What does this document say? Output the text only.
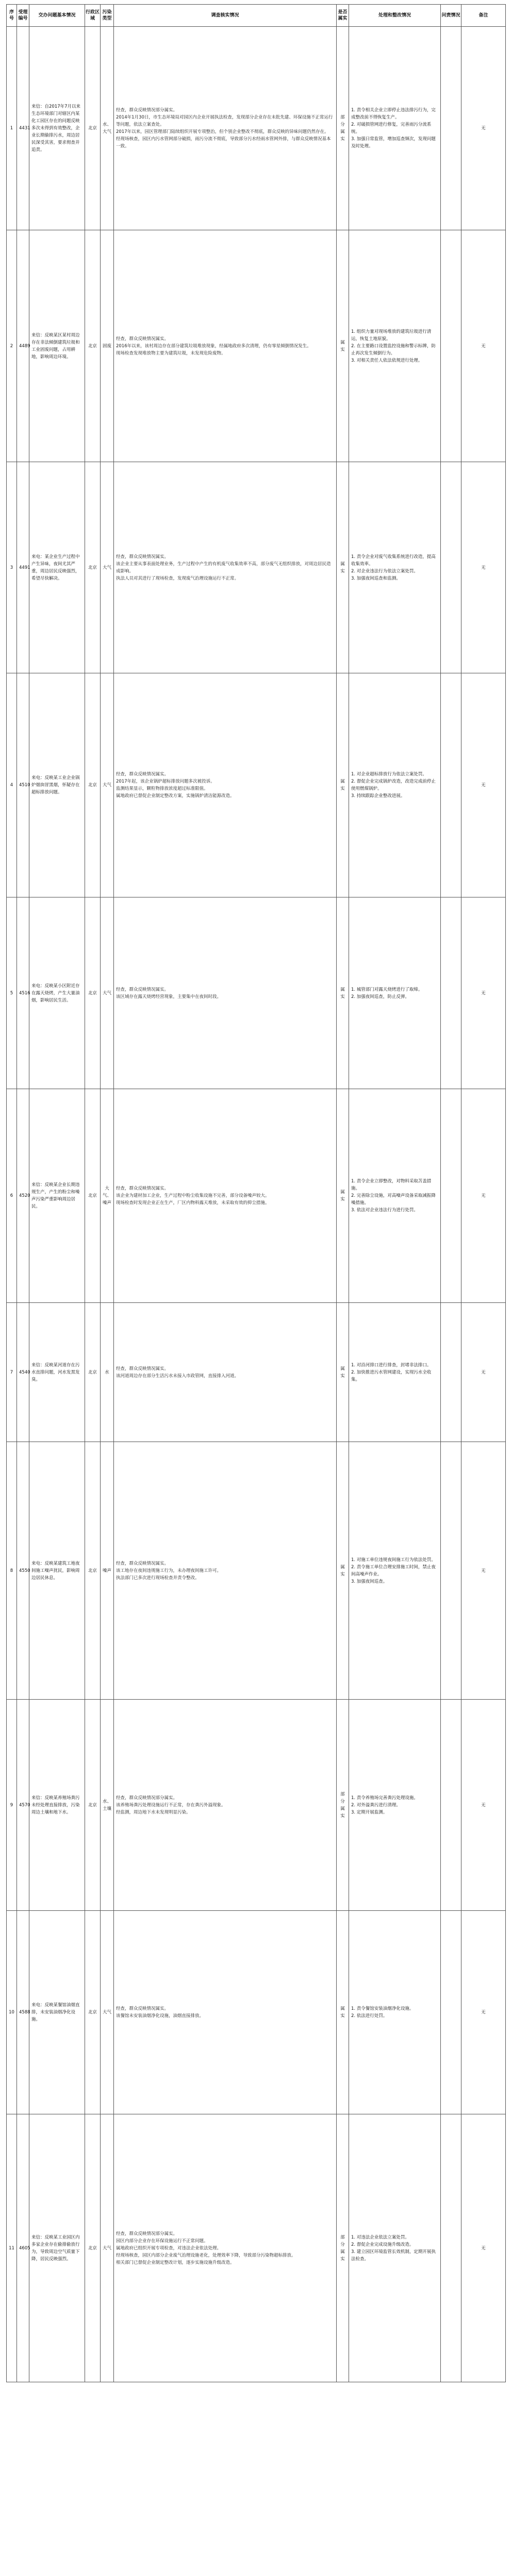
序号	受理编号	交办问题基本情况	行政区域	污染类型	调查核实情况	是否属实	处理和整改情况	问责情况	备注
1	4431	来信：自2017年7月以来生态环境部门对辖区内某化工园区存在的问题反映多次未得到有效整改，企业长期偷排污水，周边居民深受其害，要求彻查并追责。	北京	水、大气	经查，群众反映情况部分属实。
2014年1月30日，市生态环境局对园区内企业开展执法检查，发现部分企业存在未批先建、环保设施不正常运行等问题，依法立案查处。
2017年以来，园区管理部门陆续组织开展专项整治，但个别企业整改不彻底，群众反映的异味问题仍然存在。
经现场核查，园区内污水管网部分破损，雨污分流不彻底，导致部分污水经雨水管网外排，与群众反映情况基本一致。	部分属实	1. 责令相关企业立即停止违法排污行为，完成整改前不得恢复生产。
2. 对破损管网进行修复，完善雨污分流系统。
3. 加强日常监管，增加巡查频次，发现问题及时处理。		无
2	4489	来信：反映某区某村周边存在非法倾倒建筑垃圾和工业固废问题，占用耕地，影响周边环境。	北京	固废	经查，群众反映情况属实。
2016年以来，该村周边存在部分建筑垃圾堆放现象，经属地政府多次清理，仍有零星倾倒情况发生。
现场检查发现堆放物主要为建筑垃圾，未发现危险废物。	属实	1. 组织力量对现场堆放的建筑垃圾进行清运，恢复土地原貌。
2. 在主要路口设置监控设施和警示标牌，防止再次发生倾倒行为。
3. 对相关责任人依法依规进行处理。		无
3	4491	来电：某企业生产过程中产生异味，夜间尤其严重，周边居民反映强烈，希望尽快解决。	北京	大气	经查，群众反映情况属实。
该企业主要从事表面处理业务，生产过程中产生的有机废气收集效率不高，部分废气无组织排放，对周边居民造成影响。
执法人员对其进行了现场检查，发现废气治理设施运行不正常。	属实	1. 责令企业对废气收集系统进行改造，提高收集效率。
2. 对企业违法行为依法立案处罚。
3. 加强夜间巡查和监测。		无
4	4510	来电：反映某工业企业锅炉烟囱冒黑烟，怀疑存在超标排放问题。	北京	大气	经查，群众反映情况属实。
2017年起，该企业锅炉超标排放问题多次被投诉。
监测结果显示，颗粒物排放浓度超过标准限值。
属地政府已督促企业制定整改方案，实施锅炉清洁能源改造。	属实	1. 对企业超标排放行为依法立案处罚。
2. 督促企业完成锅炉改造，改造完成前停止使用燃煤锅炉。
3. 持续跟踪企业整改进展。		无
5	4516	来电：反映某小区附近存在露天烧烤，产生大量油烟，影响居民生活。	北京	大气	经查，群众反映情况属实。
该区域存在露天烧烤经营现象，主要集中在夜间时段。	属实	1. 城管部门对露天烧烤进行了取缔。
2. 加强夜间巡查，防止反弹。		无
6	4520	来信：反映某企业长期违规生产，产生的粉尘和噪声污染严重影响周边居民。	北京	大气、噪声	经查，群众反映情况属实。
该企业为建材加工企业，生产过程中粉尘收集设施不完善，部分设备噪声较大。
现场检查时发现企业正在生产，厂区内物料露天堆放，未采取有效的抑尘措施。	属实	1. 责令企业立即整改，对物料采取苫盖措施。
2. 完善除尘设施，对高噪声设备采取减振降噪措施。
3. 依法对企业违法行为进行处罚。		无
7	4540	来信：反映某河道存在污水直排问题，河水发黑发臭。	北京	水	经查，群众反映情况属实。
该河道周边存在部分生活污水未接入市政管网，直接排入河道。	属实	1. 对沿河排口进行排查，封堵非法排口。
2. 加快推进污水管网建设，实现污水全收集。		无
8	4550	来电：反映某建筑工地夜间施工噪声扰民，影响周边居民休息。	北京	噪声	经查，群众反映情况属实。
该工地存在夜间违规施工行为，未办理夜间施工许可。
执法部门已多次进行现场检查并责令整改。	属实	1. 对施工单位违规夜间施工行为依法处罚。
2. 责令施工单位合理安排施工时间，禁止夜间高噪声作业。
3. 加强夜间巡查。		无
9	4570	来信：反映某养殖场粪污未经处理直接排放，污染周边土壤和地下水。	北京	水、土壤	经查，群众反映情况部分属实。
该养殖场粪污处理设施运行不正常，存在粪污外溢现象。
经监测，周边地下水未发现明显污染。	部分属实	1. 责令养殖场完善粪污处理设施。
2. 对外溢粪污进行清理。
3. 定期开展监测。		无
10	4588	来电：反映某餐馆油烟直排，未安装油烟净化设施。	北京	大气	经查，群众反映情况属实。
该餐馆未安装油烟净化设施，油烟直接排放。	属实	1. 责令餐馆安装油烟净化设施。
2. 依法进行处罚。		无
11	4605	来信：反映某工业园区内多家企业存在偷排偷放行为，导致周边空气质量下降，居民反映强烈。	北京	大气	经查，群众反映情况部分属实。
园区内部分企业存在环保设施运行不正常问题。
属地政府已组织开展专项检查，对违法企业依法处理。
经现场核查，园区内部分企业废气治理设施老化，处理效率下降，导致部分污染物超标排放。
相关部门已督促企业制定整改计划，逐步实施设施升级改造。	部分属实	1. 对违法企业依法立案处罚。
2. 督促企业完成设施升级改造。
3. 建立园区环境监管长效机制，定期开展执法检查。		无
